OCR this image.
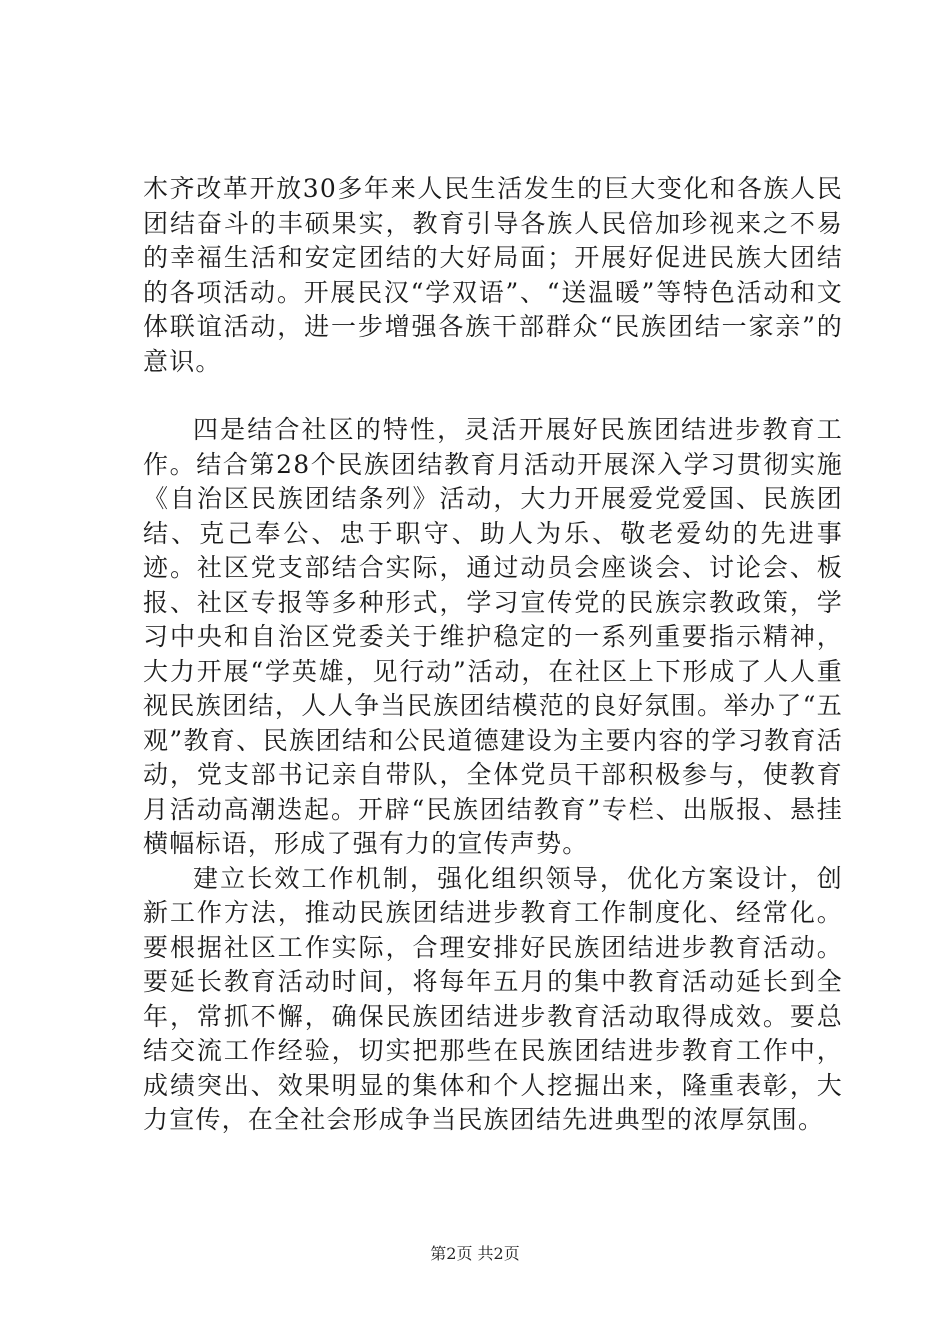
木齐改革开放30多年来人民生活发生的巨大变化和各族人民团结奋斗的丰硕果实，教育引导各族人民倍加珍视来之不易的幸福生活和安定团结的大好局面；开展好促进民族大团结的各项活动。开展民汉“学双语”、“送温暖”等特色活动和文体联谊活动，进一步增强各族干部群众“民族团结一家亲”的意识。

四是结合社区的特性，灵活开展好民族团结进步教育工作。结合第28个民族团结教育月活动开展深入学习贯彻实施《自治区民族团结条列》活动，大力开展爱党爱国、民族团结、克己奉公、忠于职守、助人为乐、敬老爱幼的先进事迹。社区党支部结合实际，通过动员会座谈会、讨论会、板报、社区专报等多种形式，学习宣传党的民族宗教政策，学习中央和自治区党委关于维护稳定的一系列重要指示精神，大力开展“学英雄，见行动”活动，在社区上下形成了人人重视民族团结，人人争当民族团结模范的良好氛围。举办了“五观”教育、民族团结和公民道德建设为主要内容的学习教育活动，党支部书记亲自带队，全体党员干部积极参与，使教育月活动高潮迭起。开辟“民族团结教育”专栏、出版报、悬挂横幅标语，形成了强有力的宣传声势。

建立长效工作机制，强化组织领导，优化方案设计，创新工作方法，推动民族团结进步教育工作制度化、经常化。要根据社区工作实际，合理安排好民族团结进步教育活动。要延长教育活动时间，将每年五月的集中教育活动延长到全年，常抓不懈，确保民族团结进步教育活动取得成效。要总结交流工作经验，切实把那些在民族团结进步教育工作中，成绩突出、效果明显的集体和个人挖掘出来，隆重表彰，大力宣传，在全社会形成争当民族团结先进典型的浓厚氛围。

第2页 共2页
